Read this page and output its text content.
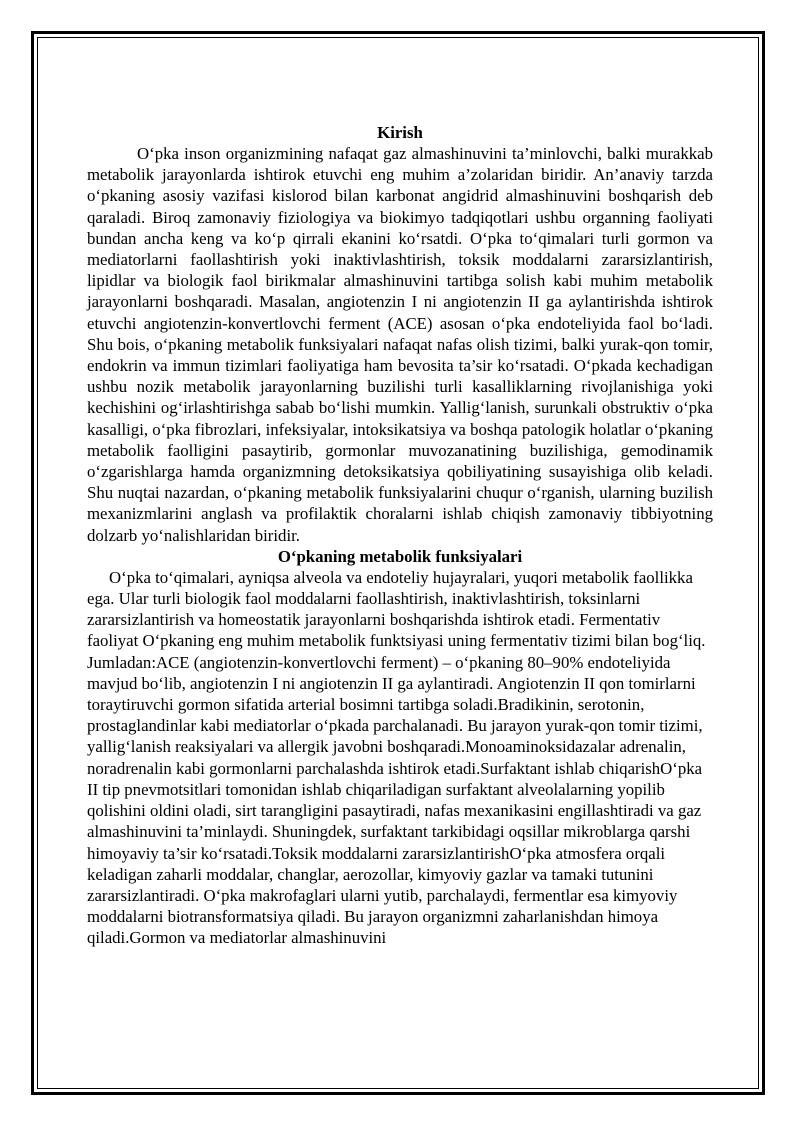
Kirish

O‘pka inson organizmining nafaqat gaz almashinuvini ta’minlovchi, balki murakkab metabolik jarayonlarda ishtirok etuvchi eng muhim a’zolaridan biridir. An’anaviy tarzda o‘pkaning asosiy vazifasi kislorod bilan karbonat angidrid almashinuvini boshqarish deb qaraladi. Biroq zamonaviy fiziologiya va biokimyo tadqiqotlari ushbu organning faoliyati bundan ancha keng va ko‘p qirrali ekanini ko‘rsatdi. O‘pka to‘qimalari turli gormon va mediatorlarni faollashtirish yoki inaktivlashtirish, toksik moddalarni zararsizlantirish, lipidlar va biologik faol birikmalar almashinuvini tartibga solish kabi muhim metabolik jarayonlarni boshqaradi. Masalan, angiotenzin I ni angiotenzin II ga aylantirishda ishtirok etuvchi angiotenzin-konvertlovchi ferment (ACE) asosan o‘pka endoteliyida faol bo‘ladi. Shu bois, o‘pkaning metabolik funksiyalari nafaqat nafas olish tizimi, balki yurak-qon tomir, endokrin va immun tizimlari faoliyatiga ham bevosita ta’sir ko‘rsatadi. O‘pkada kechadigan ushbu nozik metabolik jarayonlarning buzilishi turli kasalliklarning rivojlanishiga yoki kechishini og‘irlashtirishga sabab bo‘lishi mumkin. Yallig‘lanish, surunkali obstruktiv o‘pka kasalligi, o‘pka fibrozlari, infeksiyalar, intoksikatsiya va boshqa patologik holatlar o‘pkaning metabolik faolligini pasaytirib, gormonlar muvozanatining buzilishiga, gemodinamik o‘zgarishlarga hamda organizmning detoksikatsiya qobiliyatining susayishiga olib keladi. Shu nuqtai nazardan, o‘pkaning metabolik funksiyalarini chuqur o‘rganish, ularning buzilish mexanizmlarini anglash va profilaktik choralarni ishlab chiqish zamonaviy tibbiyotning dolzarb yo‘nalishlaridan biridir.

O‘pkaning metabolik funksiyalari

O‘pka to‘qimalari, ayniqsa alveola va endoteliy hujayralari, yuqori metabolik faollikka ega. Ular turli biologik faol moddalarni faollashtirish, inaktivlashtirish, toksinlarni zararsizlantirish va homeostatik jarayonlarni boshqarishda ishtirok etadi. Fermentativ faoliyat O‘pkaning eng muhim metabolik funktsiyasi uning fermentativ tizimi bilan bog‘liq. Jumladan:ACE (angiotenzin-konvertlovchi ferment) – o‘pkaning 80–90% endoteliyida mavjud bo‘lib, angiotenzin I ni angiotenzin II ga aylantiradi. Angiotenzin II qon tomirlarni toraytiruvchi gormon sifatida arterial bosimni tartibga soladi.Bradikinin, serotonin, prostaglandinlar kabi mediatorlar o‘pkada parchalanadi. Bu jarayon yurak-qon tomir tizimi, yallig‘lanish reaksiyalari va allergik javobni boshqaradi.Monoaminoksidazalar adrenalin, noradrenalin kabi gormonlarni parchalashda ishtirok etadi.Surfaktant ishlab chiqarishO‘pka II tip pnevmotsitlari tomonidan ishlab chiqariladigan surfaktant alveolalarning yopilib qolishini oldini oladi, sirt tarangligini pasaytiradi, nafas mexanikasini engillashtiradi va gaz almashinuvini ta’minlaydi. Shuningdek, surfaktant tarkibidagi oqsillar mikroblarga qarshi himoyaviy ta’sir ko‘rsatadi.Toksik moddalarni zararsizlantirishO‘pka atmosfera orqali keladigan zaharli moddalar, changlar, aerozollar, kimyoviy gazlar va tamaki tutunini zararsizlantiradi. O‘pka makrofaglari ularni yutib, parchalaydi, fermentlar esa kimyoviy moddalarni biotransformatsiya qiladi. Bu jarayon organizmni zaharlanishdan himoya qiladi.Gormon va mediatorlar almashinuvini
